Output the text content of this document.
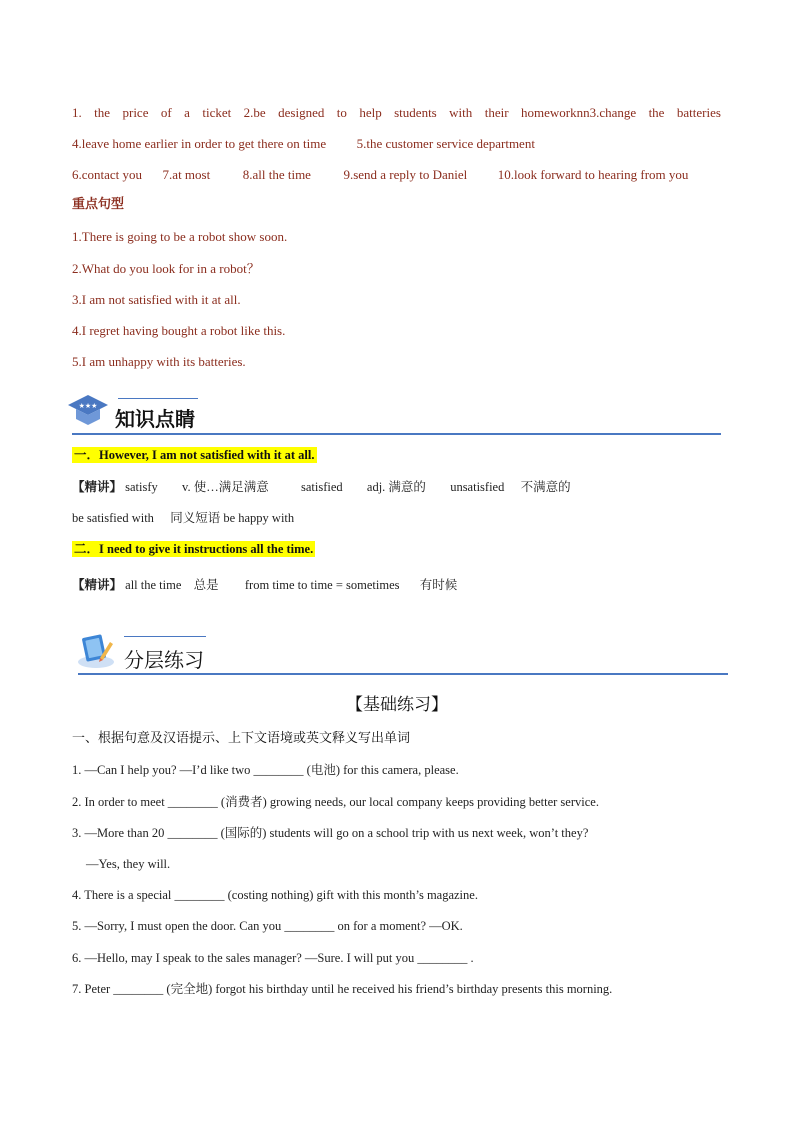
1. the price of a ticket 2.be designed to help students with their homeworknn3.change the batteries
4.leave home earlier in order to get there on time 5.the customer service department
6.contact you 7.at most	8.all the time	9.send a reply to Daniel 10.look forward to hearing from you
重点句型
1.There is going to be a robot show soon.
2.What do you look for in a robot？
3.I am not satisfied with it at all.
4.I regret having bought a robot like this.
5.I am unhappy with its batteries.
★★★
知识点睛
一．However, I am not satisfied with it at all.
【精讲】 satisfy v. 使…满足满意	satisfied adj. 满意的 unsatisfied 不满意的
be satisfied with 同义短语 be happy with
二．I need to give it instructions all the time.
【精讲】 all the time 总是 from time to time = sometimes 有时候
分层练习
【基础练习】
一、根据句意及汉语提示、上下文语境或英文释义写出单词
1. —Can I help you? —I’d like two ________ (电池) for this camera, please.
2. In order to meet ________ (消费者) growing needs, our local company keeps providing better service.
3. —More than 20 ________ (国际的) students will go on a school trip with us next week, won’t they?
—Yes, they will.
4. There is a special ________ (costing nothing) gift with this month’s magazine.
5. —Sorry, I must open the door. Can you ________ on for a moment? —OK.
6. —Hello, may I speak to the sales manager? —Sure. I will put you ________ .
7. Peter ________ (完全地) forgot his birthday until he received his friend’s birthday presents this morning.
